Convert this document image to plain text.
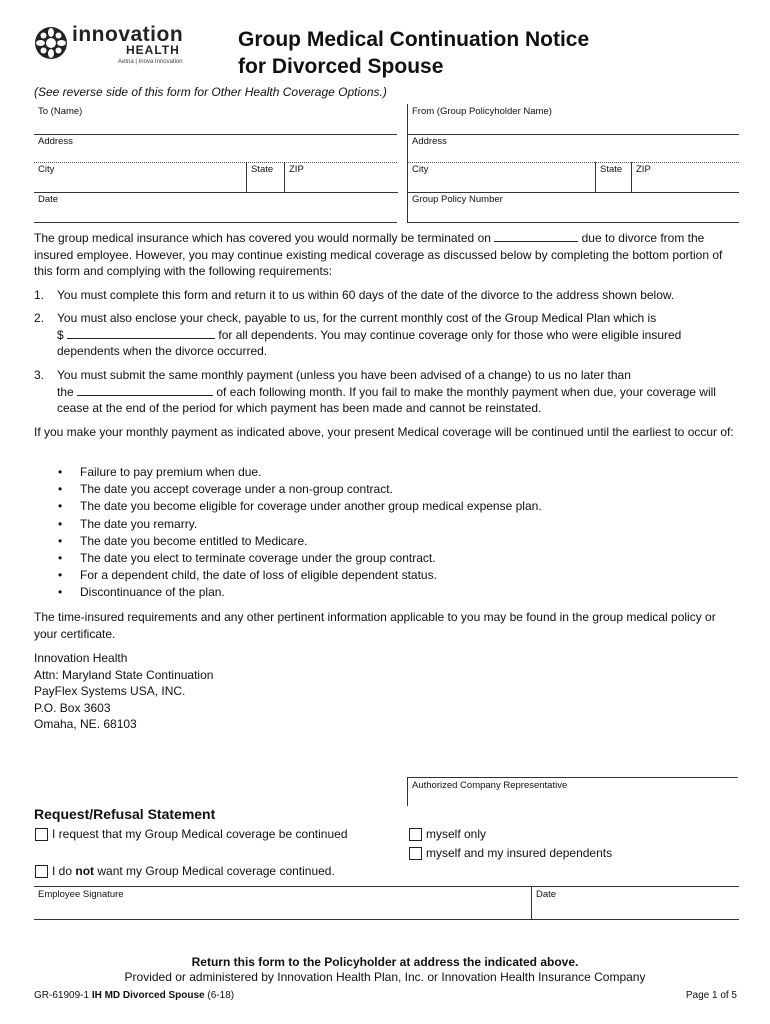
innovation
HEALTH
Aetna | Inova Innovation
Group Medical Continuation Notice
for Divorced Spouse
(See reverse side of this form for Other Health Coverage Options.)
To (Name)
Address
City	State ZIP
Date
From (Group Policyholder Name)
Address
City	State ZIP
Group Policy Number
The group medical insurance which has covered you would normally be terminated on	due to divorce from the insured employee. However, you may continue existing medical coverage as discussed below by completing the bottom portion of this form and complying with the following requirements:
1. You must complete this form and return it to us within 60 days of the date of the divorce to the address shown below.
2. You must also enclose your check, payable to us, for the current monthly cost of the Group Medical Plan which is
$	for all dependents. You may continue coverage only for those who were eligible insured dependents when the divorce occurred.
3. You must submit the same monthly payment (unless you have been advised of a change) to us no later than
the	of each following month. If you fail to make the monthly payment when due, your coverage will cease at the end of the period for which payment has been made and cannot be reinstated.
If you make your monthly payment as indicated above, your present Medical coverage will be continued until the earliest to occur of:
• Failure to pay premium when due.
• The date you accept coverage under a non-group contract.
• The date you become eligible for coverage under another group medical expense plan.
• The date you remarry.
• The date you become entitled to Medicare.
• The date you elect to terminate coverage under the group contract.
• For a dependent child, the date of loss of eligible dependent status.
• Discontinuance of the plan.
The time-insured requirements and any other pertinent information applicable to you may be found in the group medical policy or your certificate.
Innovation Health
Attn: Maryland State Continuation
PayFlex Systems USA, INC.
P.O. Box 3603
Omaha, NE. 68103
Authorized Company Representative
Request/Refusal Statement
I request that my Group Medical coverage be continued	myself only
myself and my insured dependents
I do not want my Group Medical coverage continued.
Employee Signature	Date
Return this form to the Policyholder at address the indicated above.
Provided or administered by Innovation Health Plan, Inc. or Innovation Health Insurance Company
GR-61909-1 IH MD Divorced Spouse (6-18)	Page 1 of 5
